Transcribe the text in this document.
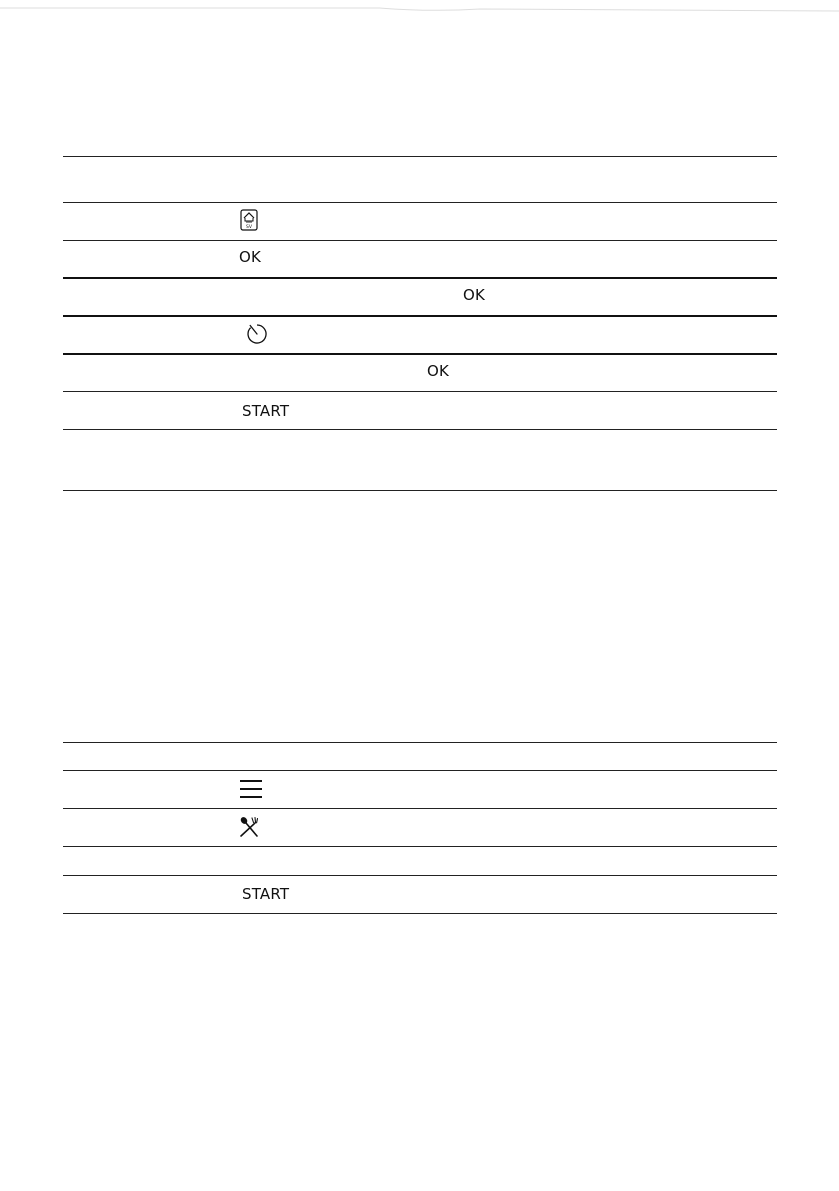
SV
OK
OK
OK
START
START
